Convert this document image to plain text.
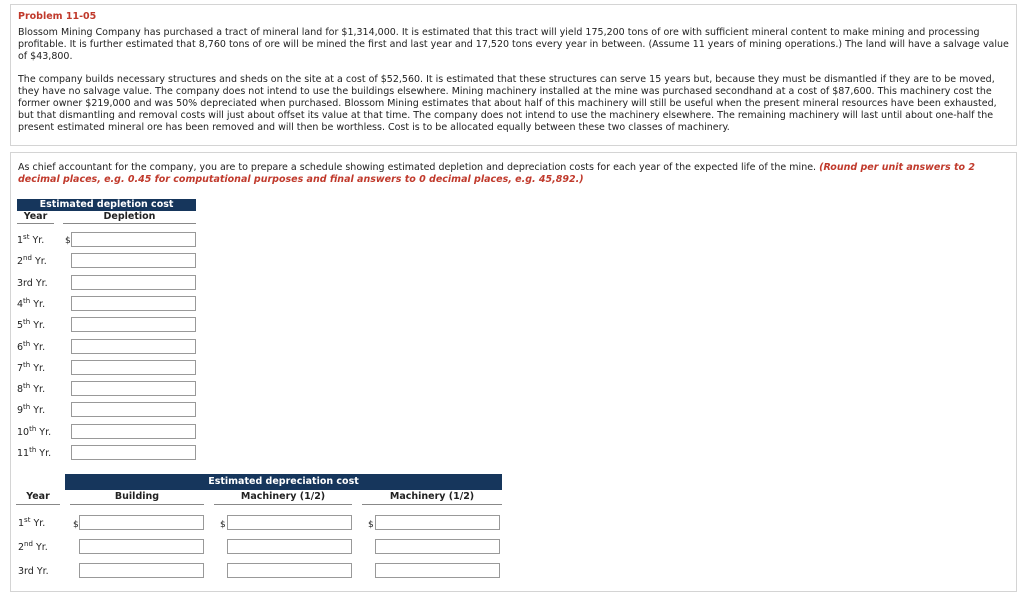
Problem 11-05

Blossom Mining Company has purchased a tract of mineral land for $1,314,000. It is estimated that this tract will yield 175,200 tons of ore with sufficient mineral content to make mining and processing profitable. It is further estimated that 8,760 tons of ore will be mined the first and last year and 17,520 tons every year in between. (Assume 11 years of mining operations.) The land will have a salvage value of $43,800.

The company builds necessary structures and sheds on the site at a cost of $52,560. It is estimated that these structures can serve 15 years but, because they must be dismantled if they are to be moved, they have no salvage value. The company does not intend to use the buildings elsewhere. Mining machinery installed at the mine was purchased secondhand at a cost of $87,600. This machinery cost the former owner $219,000 and was 50% depreciated when purchased. Blossom Mining estimates that about half of this machinery will still be useful when the present mineral resources have been exhausted, but that dismantling and removal costs will just about offset its value at that time. The company does not intend to use the machinery elsewhere. The remaining machinery will last until about one-half the present estimated mineral ore has been removed and will then be worthless. Cost is to be allocated equally between these two classes of machinery.

As chief accountant for the company, you are to prepare a schedule showing estimated depletion and depreciation costs for each year of the expected life of the mine. (Round per unit answers to 2 decimal places, e.g. 0.45 for computational purposes and final answers to 0 decimal places, e.g. 45,892.)

Estimated depletion cost
Year	Depletion
$
1st Yr.
2nd Yr.
3rd Yr.
4th Yr.
5th Yr.
6th Yr.
7th Yr.
8th Yr.
9th Yr.
10th Yr.
11th Yr.
Estimated depreciation cost
Year	Building	Machinery (1/2)	Machinery (1/2)
$	$	$
1st Yr.
2nd Yr.
3rd Yr.
